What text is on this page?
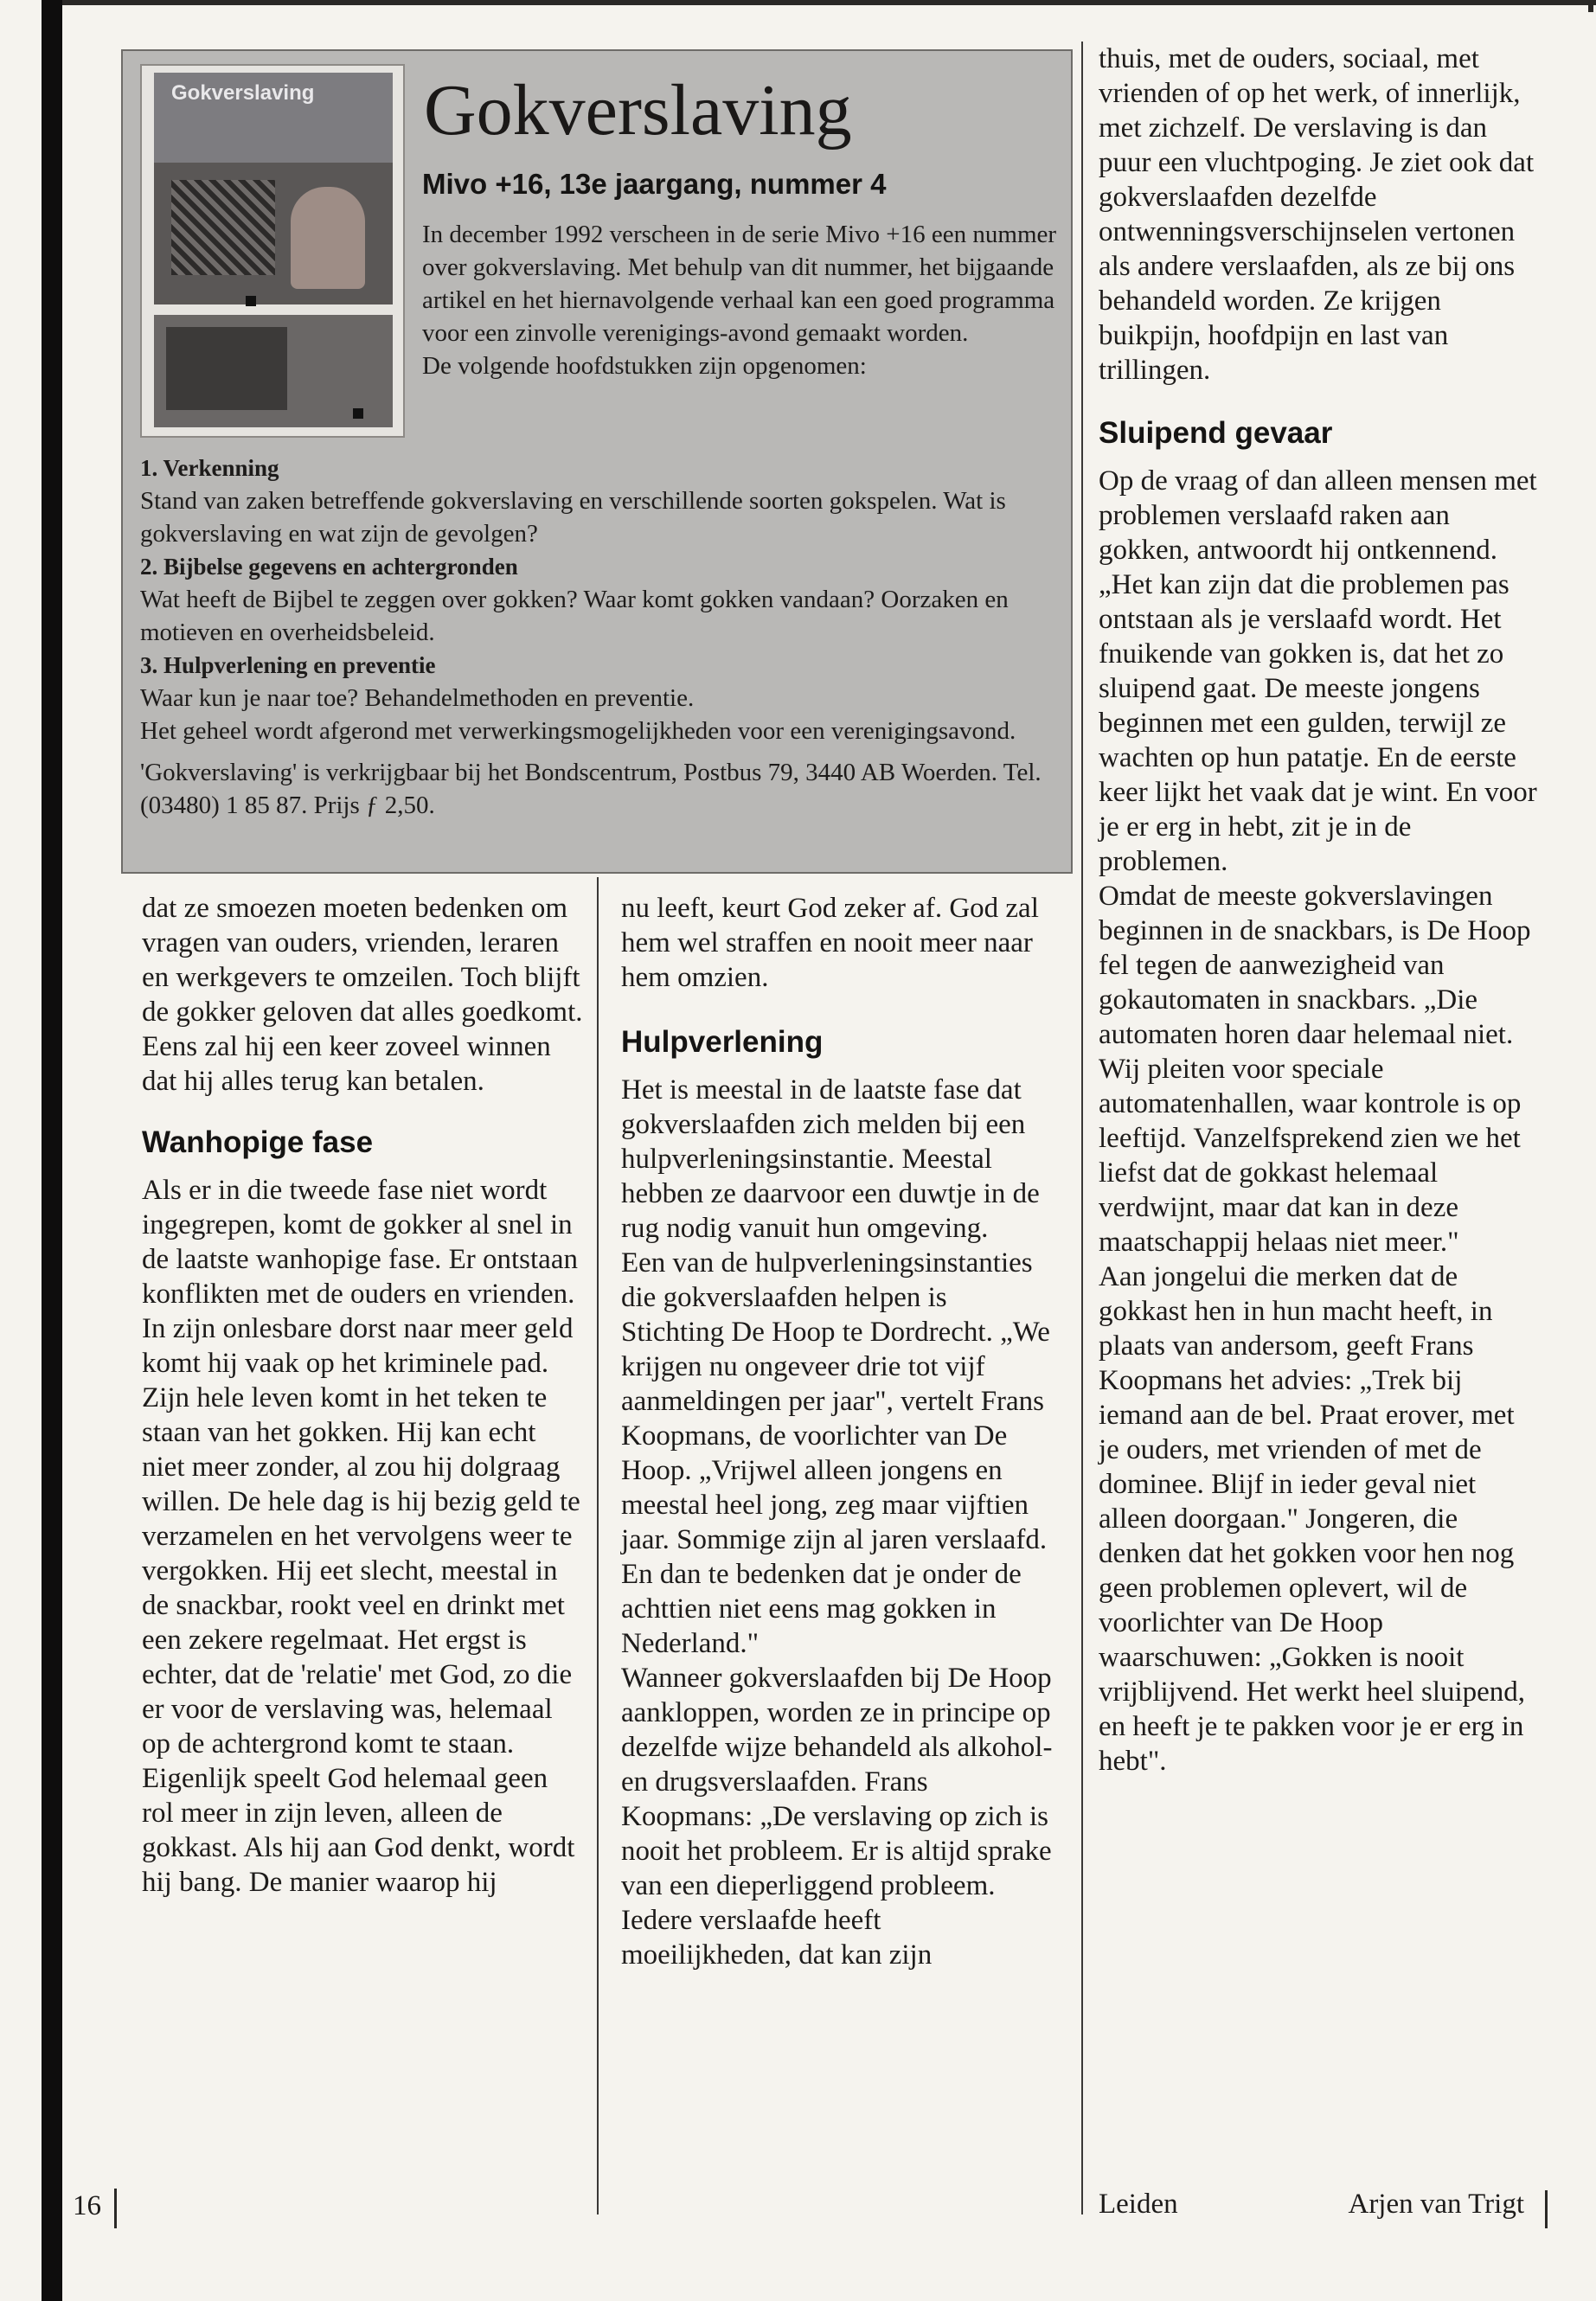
Gokverslaving Gokverslaving
Mivo +16, 13e jaargang, nummer 4

In december 1992 verscheen in de serie Mivo +16 een nummer over gokverslaving. Met behulp van dit nummer, het bijgaande artikel en het hiernavolgende verhaal kan een goed programma voor een zinvolle verenigings-avond gemaakt worden.

De volgende hoofdstukken zijn opgenomen:

1. Verkenning

Stand van zaken betreffende gokverslaving en verschillende soorten gokspelen. Wat is gokverslaving en wat zijn de gevolgen?

2. Bijbelse gegevens en achtergronden

Wat heeft de Bijbel te zeggen over gokken? Waar komt gokken vandaan? Oorzaken en motieven en overheidsbeleid.

3. Hulpverlening en preventie

Waar kun je naar toe? Behandelmethoden en preventie.

Het geheel wordt afgerond met verwerkingsmogelijkheden voor een verenigingsavond.

'Gokverslaving' is verkrijgbaar bij het Bondscentrum, Postbus 79, 3440 AB Woerden. Tel. (03480) 1 85 87. Prijs ƒ 2,50.

dat ze smoezen moeten bedenken om vragen van ouders, vrienden, leraren en werkgevers te omzeilen. Toch blijft de gokker geloven dat alles goedkomt. Eens zal hij een keer zoveel winnen dat hij alles terug kan betalen.

Wanhopige fase

Als er in die tweede fase niet wordt ingegrepen, komt de gokker al snel in de laatste wanhopige fase. Er ontstaan konflikten met de ouders en vrienden. In zijn onlesbare dorst naar meer geld komt hij vaak op het kriminele pad. Zijn hele leven komt in het teken te staan van het gokken. Hij kan echt niet meer zonder, al zou hij dolgraag willen. De hele dag is hij bezig geld te verzamelen en het vervolgens weer te vergokken. Hij eet slecht, meestal in de snackbar, rookt veel en drinkt met een zekere regelmaat. Het ergst is echter, dat de 'relatie' met God, zo die er voor de verslaving was, helemaal op de achtergrond komt te staan. Eigenlijk speelt God helemaal geen rol meer in zijn leven, alleen de gokkast. Als hij aan God denkt, wordt hij bang. De manier waarop hij

nu leeft, keurt God zeker af. God zal hem wel straffen en nooit meer naar hem omzien.

Hulpverlening

Het is meestal in de laatste fase dat gokverslaafden zich melden bij een hulpverleningsinstantie. Meestal hebben ze daarvoor een duwtje in de rug nodig vanuit hun omgeving.

Een van de hulpverleningsinstanties die gokverslaafden helpen is Stichting De Hoop te Dordrecht. „We krijgen nu ongeveer drie tot vijf aanmeldingen per jaar", vertelt Frans Koopmans, de voorlichter van De Hoop. „Vrijwel alleen jongens en meestal heel jong, zeg maar vijftien jaar. Sommige zijn al jaren verslaafd. En dan te bedenken dat je onder de achttien niet eens mag gokken in Nederland."

Wanneer gokverslaafden bij De Hoop aankloppen, worden ze in principe op dezelfde wijze behandeld als alkohol- en drugsverslaafden. Frans Koopmans: „De verslaving op zich is nooit het probleem. Er is altijd sprake van een dieperliggend probleem. Iedere verslaafde heeft moeilijkheden, dat kan zijn

thuis, met de ouders, sociaal, met vrienden of op het werk, of innerlijk, met zichzelf. De verslaving is dan puur een vluchtpoging. Je ziet ook dat gokverslaafden dezelfde ontwenningsverschijnselen vertonen als andere verslaafden, als ze bij ons behandeld worden. Ze krijgen buikpijn, hoofdpijn en last van trillingen.

Sluipend gevaar

Op de vraag of dan alleen mensen met problemen verslaafd raken aan gokken, antwoordt hij ontkennend. „Het kan zijn dat die problemen pas ontstaan als je verslaafd wordt. Het fnuikende van gokken is, dat het zo sluipend gaat. De meeste jongens beginnen met een gulden, terwijl ze wachten op hun patatje. En de eerste keer lijkt het vaak dat je wint. En voor je er erg in hebt, zit je in de problemen.

Omdat de meeste gokverslavingen beginnen in de snackbars, is De Hoop fel tegen de aanwezigheid van gokautomaten in snackbars. „Die automaten horen daar helemaal niet. Wij pleiten voor speciale automatenhallen, waar kontrole is op leeftijd. Vanzelfsprekend zien we het liefst dat de gokkast helemaal verdwijnt, maar dat kan in deze maatschappij helaas niet meer."

Aan jongelui die merken dat de gokkast hen in hun macht heeft, in plaats van andersom, geeft Frans Koopmans het advies: „Trek bij iemand aan de bel. Praat erover, met je ouders, met vrienden of met de dominee. Blijf in ieder geval niet alleen doorgaan." Jongeren, die denken dat het gokken voor hen nog geen problemen oplevert, wil de voorlichter van De Hoop waarschuwen: „Gokken is nooit vrijblijvend. Het werkt heel sluipend, en heeft je te pakken voor je er erg in hebt".

16	Leiden	Arjen van Trigt
